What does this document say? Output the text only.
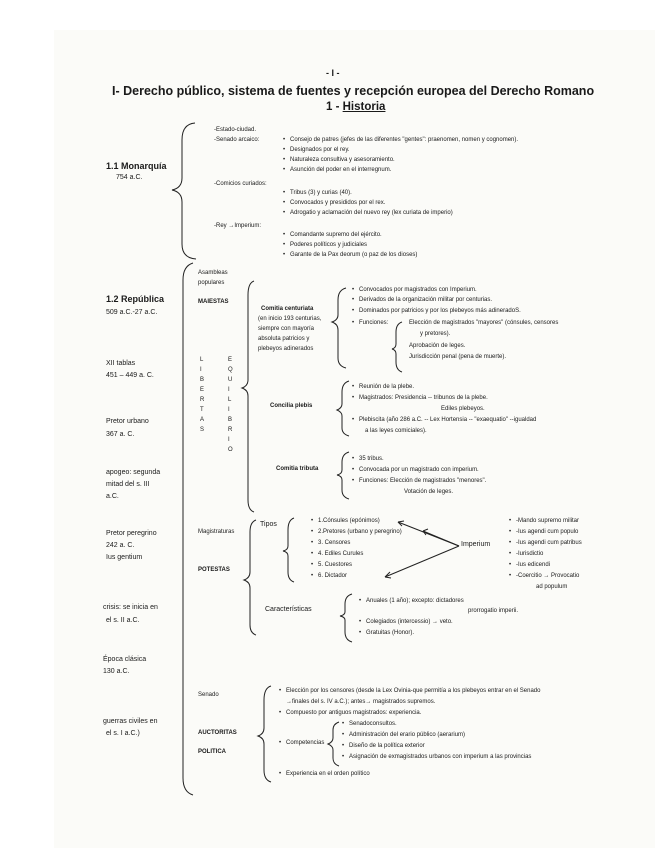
- I -
I- Derecho público, sistema de fuentes y recepción europea del Derecho Romano
1 - Historia
1.1 Monarquía
754 a.C.
-Estado-ciudad.
-Senado arcaico:	• Consejo de patres (jefes de las diferentes "gentes": praenomen, nomen y cognomen).
• Designados por el rey.
• Naturaleza consultiva y asesoramiento.
• Asunción del poder en el interregnum.
-Comicios curiados:
• Tribus (3) y curias (40).
• Convocados y presididos por el rex.
• Adrogatio y aclamación del nuevo rey (lex curiata de imperio)
-Rey →Imperium:
• Comandante supremo del ejército.
• Poderes políticos y judiciales
• Garante de la Pax deorum (o paz de los dioses)
1.2 República
509 a.C.-27 a.C.
XII tablas
451 – 449 a. C.
Pretor urbano
367 a. C.
apogeo: segunda
mitad del s. III
a.C.
Pretor peregrino
242 a. C.
Ius gentium
crisis: se inicia en
el s. II a.C.
Época clásica
130 a.C.
guerras civiles en
el s. I a.C.)
Asambleas
populares
MAIESTAS
L
I
B
E
R
T
A
S
E
Q
U
I
L
I
B
R
I
O
Comitia centuriata
(en inicio 193 centurias,
siempre con mayoría
absoluta patricios y
plebeyos adinerados
• Convocados por magistrados con Imperium.
• Derivados de la organización militar por centurias.
• Dominados por patricios y por los plebeyos más adineradoS.
• Funciones:	Elección de magistrados "mayores" (cónsules, censores
y pretores).
Aprobación de leges.
Jurisdicción penal (pena de muerte).
Concilia plebis
• Reunión de la plebe.
• Magistrados: Presidencia -- tribunos de la plebe.
Ediles plebeyos.
• Plebiscita (año 286 a.C. -- Lex Hortensia -- "exaequatio" --igualdad
a las leyes comiciales).
Comitia tributa
• 35 tribus.
• Convocada por un magistrado con imperium.
• Funciones: Elección de magistrados "menores".
Votación de leges.
Magistraturas
POTESTAS
Tipos	• 1.Cónsules (epónimos)
• 2.Pretores (urbano y peregrino)
• 3. Censores
• 4. Ediles Curules
• 5. Cuestores
• 6. Dictador
Imperium
• -Mando supremo militar
• -Ius agendi cum populo
• -Ius agendi cum patribus
• -Iurisdictio
• -Ius edicendi
• -Coercitio → Provocatio
ad populum
Características
• Anuales (1 año); excepto: dictadores
prorrogatio imperii.
• Colegiados (intercessio) → veto.
• Gratuitas (Honor).
Senado
AUCTORITAS
POLITICA
• Elección por los censores (desde la Lex Ovinia-que permitía a los plebeyos entrar en el Senado
→finales del s. IV a.C.); antes→ magistrados supremos.
• Compuesto por antiguos magistrados: experiencia.
• Competencias
• Senadoconsultos.
• Administración del erario público (aerarium)
• Diseño de la política exterior
• Asignación de exmagistrados urbanos con imperium a las provincias
• Experiencia en el orden político
